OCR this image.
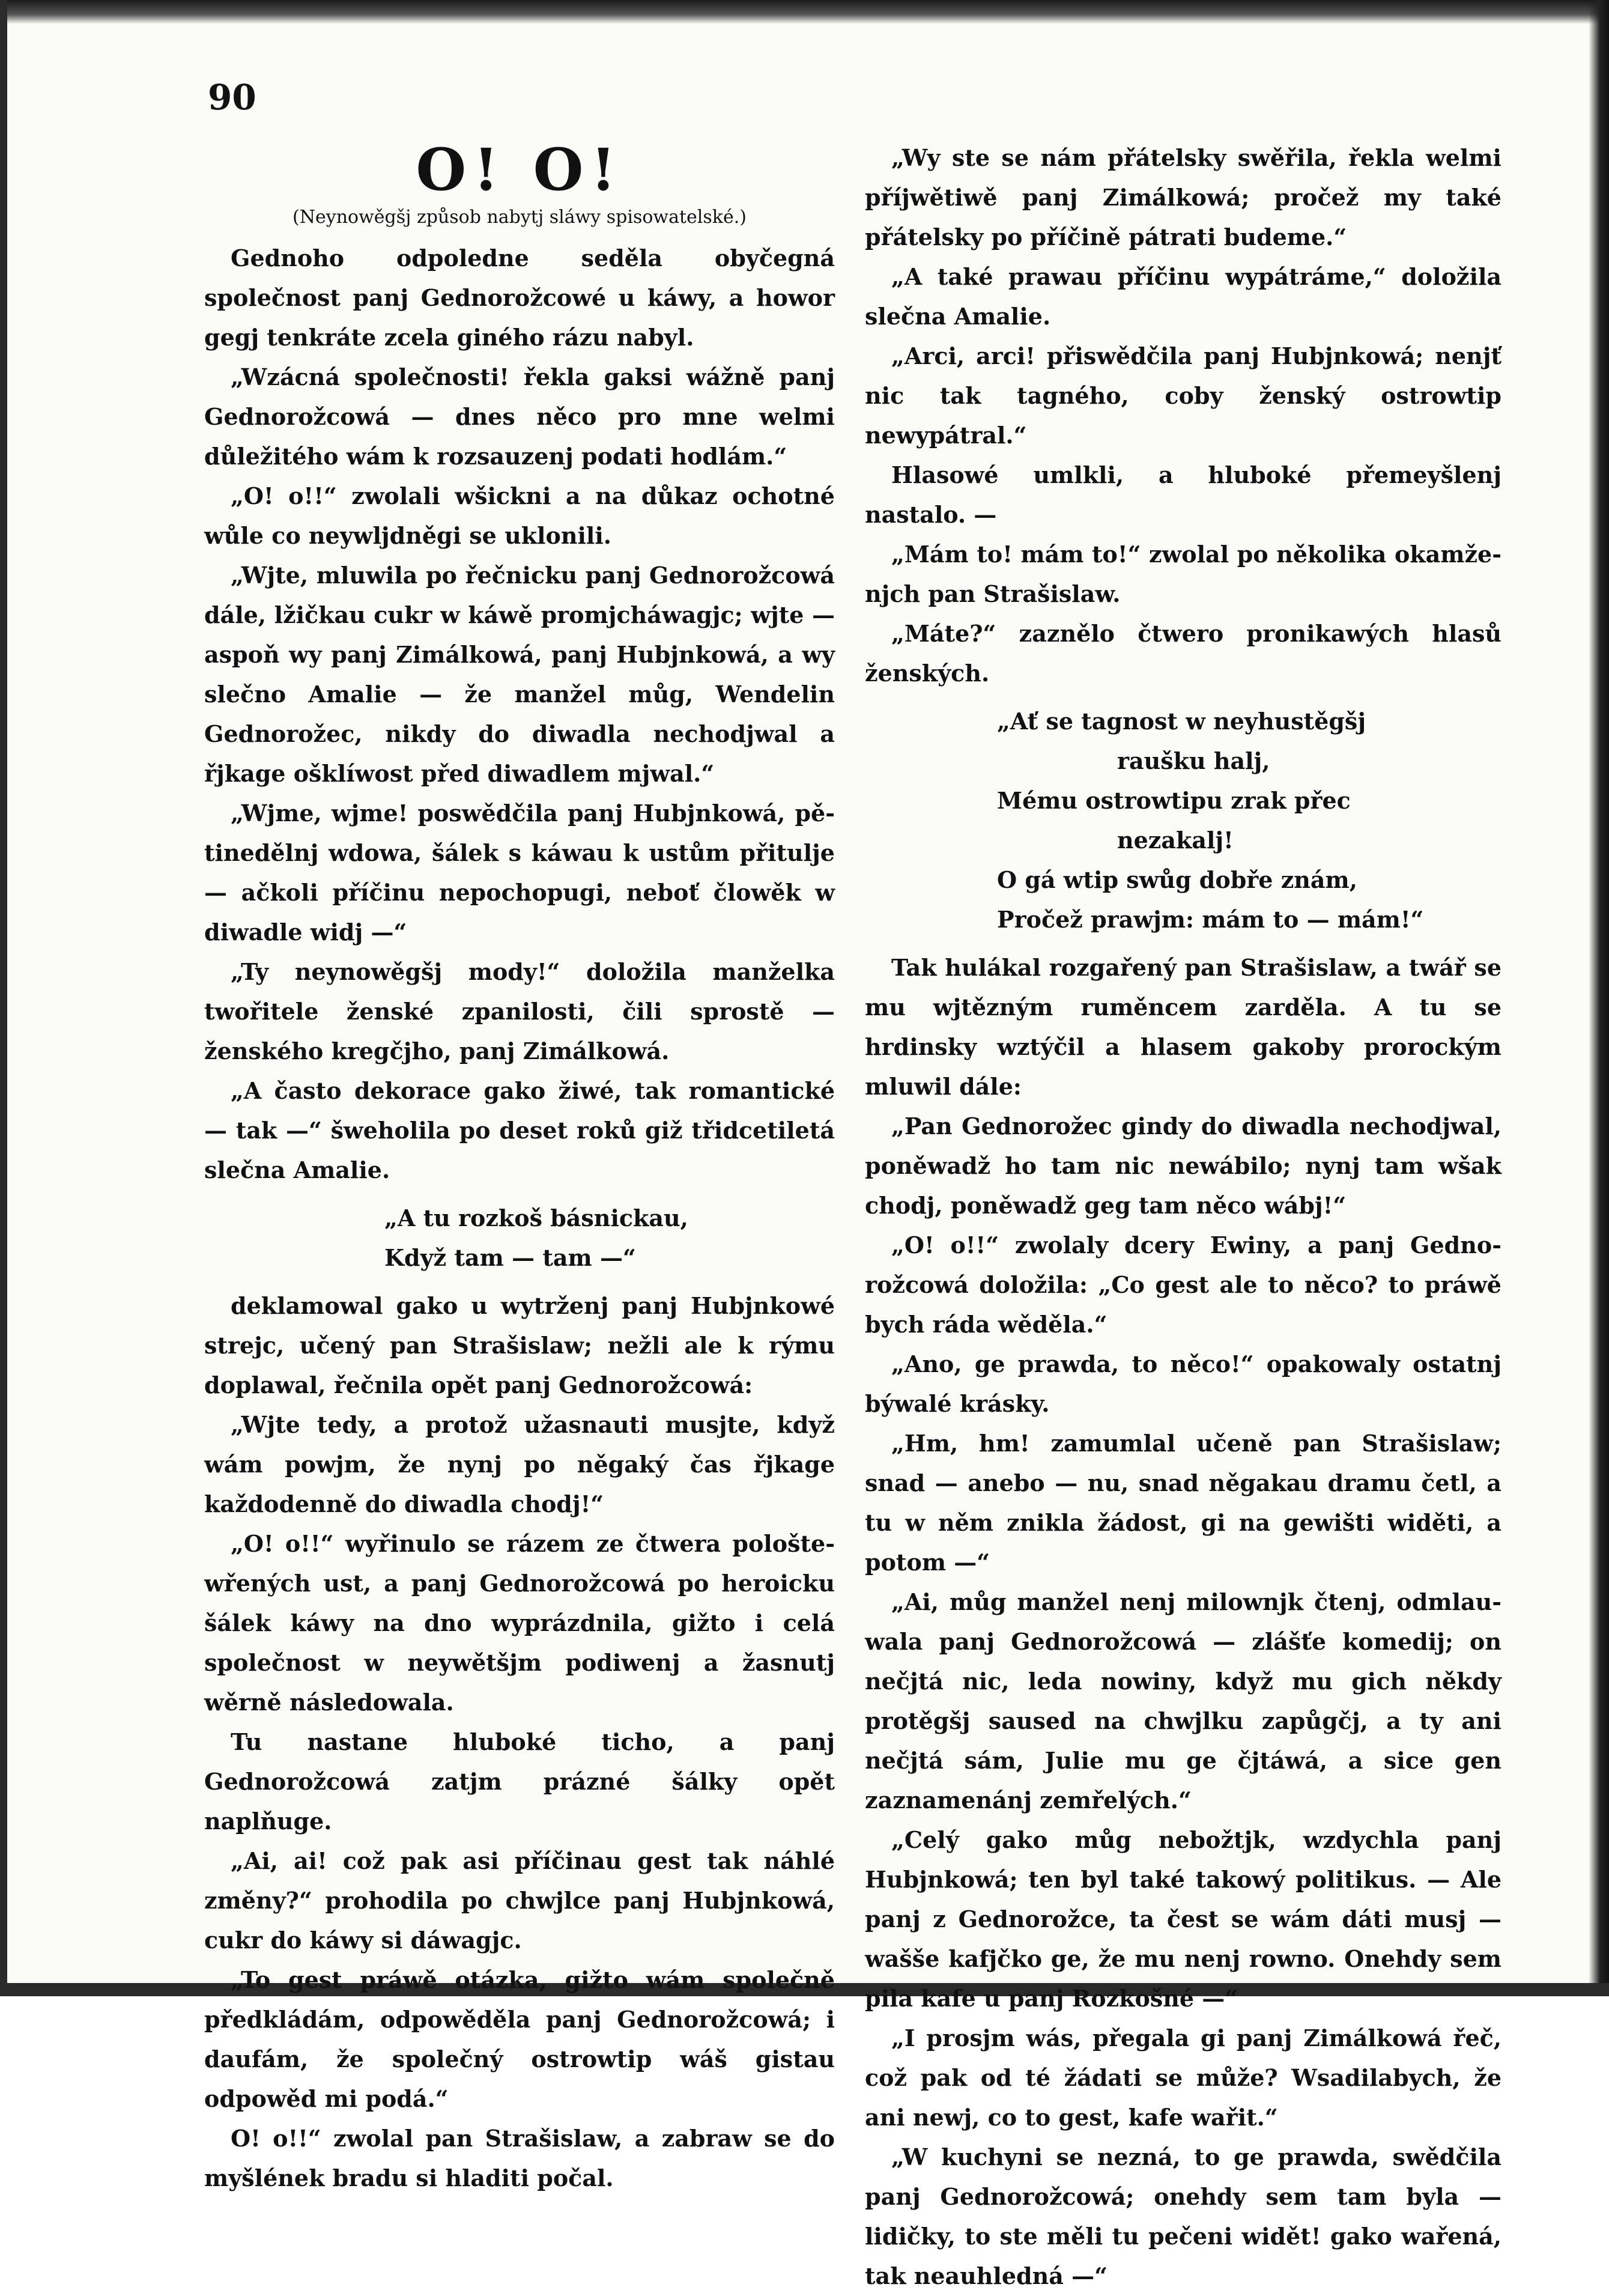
90
O! O!
(Neynowěgšj způsob nabytj sláwy spisowatelské.)

Gednoho odpoledne seděla obyčegná společnost panj Gednorožcowé u káwy, a howor gegj tenkráte zcela giného rázu nabyl.

„Wzácná společnosti! řekla gaksi wážně panj Gednorožcowá — dnes něco pro mne welmi důležitého wám k rozsauzenj podati hodlám.“

„O! o!!“ zwolali wšickni a na důkaz ochotné wůle co neywljdněgi se uklonili.

„Wjte, mluwila po řečnicku panj Gednorožcowá dále, lžičkau cukr w káwě promjcháwagjc; wjte — aspoň wy panj Zimálkowá, panj Hubjnkowá, a wy slečno Amalie — že manžel můg, Wendelin Gednorožec, nikdy do diwadla nechodjwal a řjkage ošklíwost před diwadlem mjwal.“

„Wjme, wjme! poswědčila panj Hubjnkowá, pětinedělnj wdowa, šálek s káwau k ustům přitulje — ačkoli příčinu nepochopugi, neboť člowěk w diwadle widj —“

„Ty neynowěgšj mody!“ doložila manželka twořitele ženské zpanilosti, čili sprostě — ženského kregčjho, panj Zimálkowá.

„A často dekorace gako žiwé, tak romantické — tak —“ šweholila po deset roků giž třidcetiletá slečna Amalie.

„A tu rozkoš básnickau,
Když tam — tam —“

deklamowal gako u wytrženj panj Hubjnkowé strejc, učený pan Strašislaw; nežli ale k rýmu doplawal, řečnila opět panj Gednorožcowá:

„Wjte tedy, a protož užasnauti musjte, když wám powjm, že nynj po něgaký čas řjkage každodenně do diwadla chodj!“

„O! o!!“ wyřinulo se rázem ze čtwera pološtewřených ust, a panj Gednorožcowá po heroicku šálek káwy na dno wyprázdnila, gižto i celá společnost w neywětšjm podiwenj a žasnutj wěrně následowala.

Tu nastane hluboké ticho, a panj Gednorožcowá zatjm prázné šálky opět naplňuge.

„Ai, ai! což pak asi příčinau gest tak náhlé změny?“ prohodila po chwjlce panj Hubjnkowá, cukr do káwy si dáwagjc.

„To gest práwě otázka, gižto wám společně předkládám, odpowěděla panj Gednorožcowá; i daufám, že společný ostrowtip wáš gistau odpowěd mi podá.“

O! o!!“ zwolal pan Strašislaw, a zabraw se do myšlének bradu si hladiti počal.

„Wy ste se nám přátelsky swěřila, řekla welmi příjwětiwě panj Zimálkowá; pročež my také přátelsky po příčině pátrati budeme.“

„A také prawau příčinu wypátráme,“ doložila slečna Amalie.

„Arci, arci! přiswědčila panj Hubjnkowá; nenjť nic tak tagného, coby ženský ostrowtip newypátral.“

Hlasowé umlkli, a hluboké přemeyšlenj nastalo. —

„Mám to! mám to!“ zwolal po několika okamženjch pan Strašislaw.

„Máte?“ zaznělo čtwero pronikawých hlasů ženských.

„Ať se tagnost w neyhustěgšj
raušku halj,
Mému ostrowtipu zrak přec
nezakalj!
O gá wtip swůg dobře znám,
Pročež prawjm: mám to — mám!“

Tak hulákal rozgařený pan Strašislaw, a twář se mu wjtězným ruměncem zarděla. A tu se hrdinsky wztýčil a hlasem gakoby prorockým mluwil dále:

„Pan Gednorožec gindy do diwadla nechodjwal, poněwadž ho tam nic newábilo; nynj tam wšak chodj, poněwadž geg tam něco wábj!“

„O! o!!“ zwolaly dcery Ewiny, a panj Gednorožcowá doložila: „Co gest ale to něco? to práwě bych ráda wěděla.“

„Ano, ge prawda, to něco!“ opakowaly ostatnj býwalé krásky.

„Hm, hm! zamumlal učeně pan Strašislaw; snad — anebo — nu, snad něgakau dramu četl, a tu w něm znikla žádost, gi na gewišti widěti, a potom —“

„Ai, můg manžel nenj milownjk čtenj, odmlauwala panj Gednorožcowá — zlášťe komedij; on nečjtá nic, leda nowiny, když mu gich někdy protěgšj saused na chwjlku zapůgčj, a ty ani nečjtá sám, Julie mu ge čjtáwá, a sice gen zaznamenánj zemřelých.“

„Celý gako můg nebožtjk, wzdychla panj Hubjnkowá; ten byl také takowý politikus. — Ale panj z Gednorožce, ta čest se wám dáti musj — wašše kafjčko ge, že mu nenj rowno. Onehdy sem pila kafe u panj Rozkošné —“

„I prosjm wás, přegala gi panj Zimálkowá řeč, což pak od té žádati se může? Wsadilabych, že ani newj, co to gest, kafe wařit.“

„W kuchyni se nezná, to ge prawda, swědčila panj Gednorožcowá; onehdy sem tam byla — lidičky, to ste měli tu pečeni widět! gako wařená, tak neauhledná —“
